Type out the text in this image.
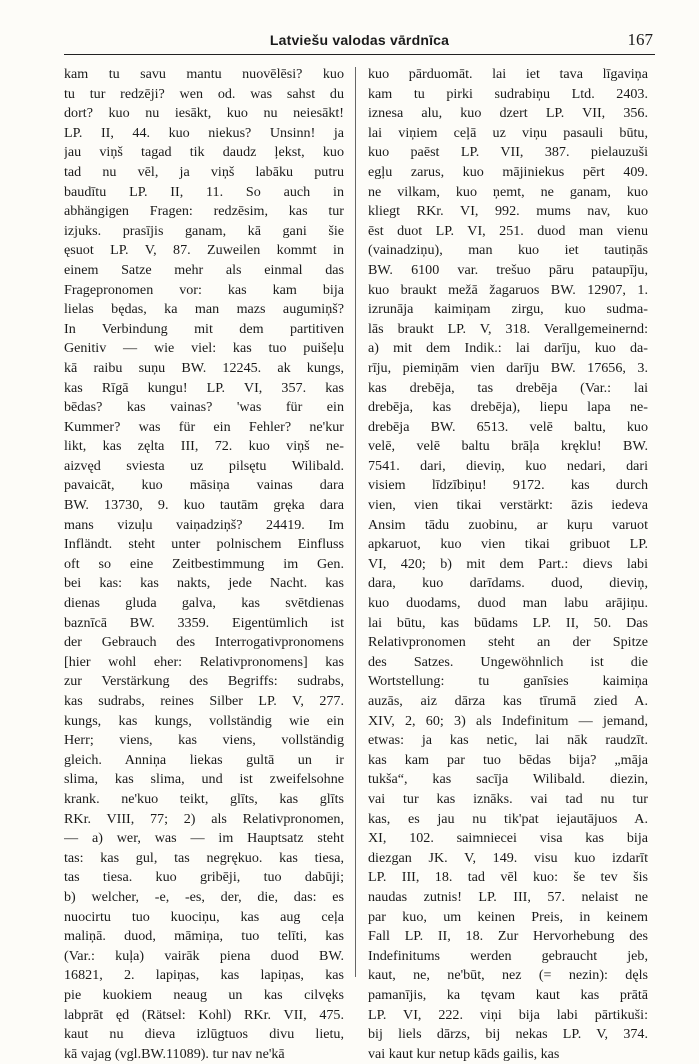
Latviešu valodas vārdnīca	167
kam tu savu mantu nuovēlēsi? kuo
tu tur redzēji? wen od. was sahst du
dort? kuo nu iesākt, kuo nu neiesākt!
LP. II, 44. kuo niekus? Unsinn! ja
jau viņš tagad tik daudz ļekst, kuo
tad nu vēl, ja viņš labāku putru
baudītu LP. II, 11. So auch in
abhängigen Fragen: redzēsim, kas tur
izjuks. prasījis ganam, kā gani šie
ęsuot LP. V, 87. Zuweilen kommt in
einem Satze mehr als einmal das
Fragepronomen vor: kas kam bija
lielas będas, ka man mazs augumiņš?
In Verbindung mit dem partitiven
Genitiv — wie viel: kas tuo puišeļu
kā raibu suņu BW. 12245. ak kungs,
kas Rīgā kungu! LP. VI, 357. kas
bēdas? kas vainas? 'was für ein
Kummer? was für ein Fehler? ne'kur
likt, kas zęlta III, 72. kuo viņš ne-
aizvęd sviesta uz pilsętu Wilibald.
pavaicāt, kuo māsiņa vainas dara
BW. 13730, 9. kuo tautām gręka dara
mans vizuļu vaiņadziņš? 24419. Im
Infländt. steht unter polnischem Einfluss
oft so eine Zeitbestimmung im Gen.
bei kas: kas nakts, jede Nacht. kas
dienas gluda galva, kas svētdienas
baznīcā BW. 3359. Eigentümlich ist
der Gebrauch des Interrogativpronomens
[hier wohl eher: Relativpronomens] kas
zur Verstärkung des Begriffs: sudrabs,
kas sudrabs, reines Silber LP. V, 277.
kungs, kas kungs, vollständig wie ein
Herr; viens, kas viens, vollständig
gleich. Anniņa liekas gultā un ir
slima, kas slima, und ist zweifelsohne
krank. ne'kuo teikt, glīts, kas glīts
RKr. VIII, 77; 2) als Relativpronomen,
— a) wer, was — im Hauptsatz steht
tas: kas gul, tas negrękuo. kas tiesa,
tas tiesa. kuo gribēji, tuo dabūji;
b) welcher, -e, -es, der, die, das: es
nuocirtu tuo kuociņu, kas aug ceļa
maliņā. duod, māmiņa, tuo telīti, kas
(Var.: kuļa) vairāk piena duod BW.
16821, 2. lapiņas, kas lapiņas, kas
pie kuokiem neaug un kas cilvęks
labprāt ęd (Rätsel: Kohl) RKr. VII, 475.
kaut nu dieva izlūgtuos divu lietu,
kā vajag (vgl.BW.11089). tur nav ne'kā
kuo pārduomāt. lai iet tava līgaviņa
kam tu pirki sudrabiņu Ltd. 2403.
iznesa alu, kuo dzert LP. VII, 356.
lai viņiem ceļā uz viņu pasauli būtu,
kuo paēst LP. VII, 387. pielauzuši
egļu zarus, kuo mājiniekus pērt 409.
ne vilkam, kuo ņemt, ne ganam, kuo
kliegt RKr. VI, 992. mums nav, kuo
ēst duot LP. VI, 251. duod man vienu
(vainadziņu), man kuo iet tautiņās
BW. 6100 var. trešuo pāru pataupīju,
kuo braukt mežā žagaruos BW. 12907, 1.
izrunāja kaimiņam zirgu, kuo sudma-
lās braukt LP. V, 318. Verallgemeinernd:
a) mit dem Indik.: lai darīju, kuo da-
rīju, piemiņām vien darīju BW. 17656, 3.
kas drebēja, tas drebēja (Var.: lai
drebēja, kas drebēja), liepu lapa ne-
drebēja BW. 6513. velē baltu, kuo
velē, velē baltu brāļa kręklu! BW.
7541. dari, dieviņ, kuo nedari, dari
visiem līdzībiņu! 9172. kas durch
vien, vien tikai verstärkt: āzis iedeva
Ansim tādu zuobinu, ar kuŗu varuot
apkaruot, kuo vien tikai gribuot LP.
VI, 420; b) mit dem Part.: dievs labi
dara, kuo darīdams. duod, dieviņ,
kuo duodams, duod man labu arājiņu.
lai būtu, kas būdams LP. II, 50. Das
Relativpronomen steht an der Spitze
des Satzes. Ungewöhnlich ist die
Wortstellung: tu ganīsies kaimiņa
auzās, aiz dārza kas tīrumā zied A.
XIV, 2, 60; 3) als Indefinitum — jemand,
etwas: ja kas netic, lai nāk raudzīt.
kas kam par tuo bēdas bija? „māja
tukša“, kas sacīja Wilibald. diezin,
vai tur kas iznāks. vai tad nu tur
kas, es jau nu tik'pat iejautājuos A.
XI, 102. saimniecei visa kas bija
diezgan JK. V, 149. visu kuo izdarīt
LP. III, 18. tad vēl kuo: še tev šis
naudas zutnis! LP. III, 57. nelaist ne
par kuo, um keinen Preis, in keinem
Fall LP. II, 18. Zur Hervorhebung des
Indefinitums werden gebraucht jeb,
kaut, ne, ne'būt, nez (= nezin): dęls
pamanījis, ka tęvam kaut kas prātā
LP. VI, 222. viņi bija labi pārtikuši:
bij liels dārzs, bij nekas LP. V, 374.
vai kaut kur netup kāds gailis, kas
